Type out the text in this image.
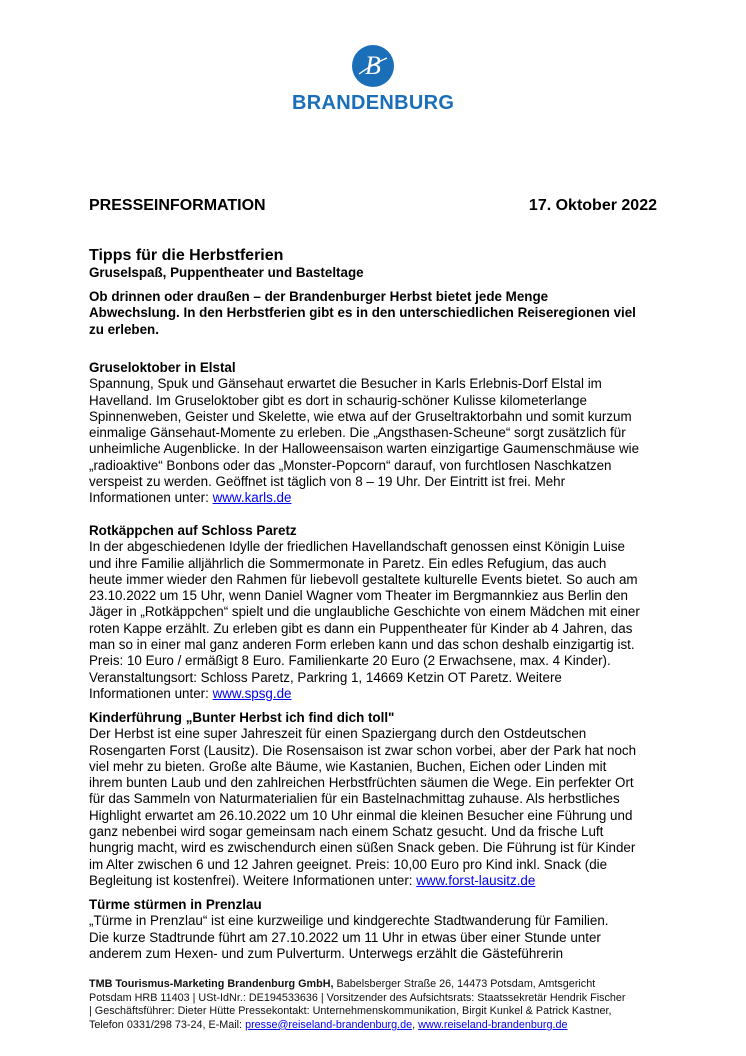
B
BRANDENBURG
PRESSEINFORMATION	17. Oktober 2022
Tipps für die Herbstferien
Gruselspaß, Puppentheater und Basteltage
Ob drinnen oder draußen – der Brandenburger Herbst bietet jede Menge
Abwechslung. In den Herbstferien gibt es in den unterschiedlichen Reiseregionen viel
zu erleben.
Gruseloktober in Elstal
Spannung, Spuk und Gänsehaut erwartet die Besucher in Karls Erlebnis-Dorf Elstal im
Havelland. Im Gruseloktober gibt es dort in schaurig-schöner Kulisse kilometerlange
Spinnenweben, Geister und Skelette, wie etwa auf der Gruseltraktorbahn und somit kurzum
einmalige Gänsehaut-Momente zu erleben. Die „Angsthasen-Scheune“ sorgt zusätzlich für
unheimliche Augenblicke. In der Halloweensaison warten einzigartige Gaumenschmäuse wie
„radioaktive“ Bonbons oder das „Monster-Popcorn“ darauf, von furchtlosen Naschkatzen
verspeist zu werden. Geöffnet ist täglich von 8 – 19 Uhr. Der Eintritt ist frei. Mehr
Informationen unter: www.karls.de
Rotkäppchen auf Schloss Paretz
In der abgeschiedenen Idylle der friedlichen Havellandschaft genossen einst Königin Luise
und ihre Familie alljährlich die Sommermonate in Paretz. Ein edles Refugium, das auch
heute immer wieder den Rahmen für liebevoll gestaltete kulturelle Events bietet. So auch am
23.10.2022 um 15 Uhr, wenn Daniel Wagner vom Theater im Bergmannkiez aus Berlin den
Jäger in „Rotkäppchen“ spielt und die unglaubliche Geschichte von einem Mädchen mit einer
roten Kappe erzählt. Zu erleben gibt es dann ein Puppentheater für Kinder ab 4 Jahren, das
man so in einer mal ganz anderen Form erleben kann und das schon deshalb einzigartig ist.
Preis: 10 Euro / ermäßigt 8 Euro. Familienkarte 20 Euro (2 Erwachsene, max. 4 Kinder).
Veranstaltungsort: Schloss Paretz, Parkring 1, 14669 Ketzin OT Paretz. Weitere
Informationen unter: www.spsg.de
Kinderführung „Bunter Herbst ich find dich toll"
Der Herbst ist eine super Jahreszeit für einen Spaziergang durch den Ostdeutschen
Rosengarten Forst (Lausitz). Die Rosensaison ist zwar schon vorbei, aber der Park hat noch
viel mehr zu bieten. Große alte Bäume, wie Kastanien, Buchen, Eichen oder Linden mit
ihrem bunten Laub und den zahlreichen Herbstfrüchten säumen die Wege. Ein perfekter Ort
für das Sammeln von Naturmaterialien für ein Bastelnachmittag zuhause. Als herbstliches
Highlight erwartet am 26.10.2022 um 10 Uhr einmal die kleinen Besucher eine Führung und
ganz nebenbei wird sogar gemeinsam nach einem Schatz gesucht. Und da frische Luft
hungrig macht, wird es zwischendurch einen süßen Snack geben. Die Führung ist für Kinder
im Alter zwischen 6 und 12 Jahren geeignet. Preis: 10,00 Euro pro Kind inkl. Snack (die
Begleitung ist kostenfrei). Weitere Informationen unter: www.forst-lausitz.de
Türme stürmen in Prenzlau
„Türme in Prenzlau“ ist eine kurzweilige und kindgerechte Stadtwanderung für Familien.
Die kurze Stadtrunde führt am 27.10.2022 um 11 Uhr in etwas über einer Stunde unter
anderem zum Hexen- und zum Pulverturm. Unterwegs erzählt die Gästeführerin
TMB Tourismus-Marketing Brandenburg GmbH, Babelsberger Straße 26, 14473 Potsdam, Amtsgericht
Potsdam HRB 11403 | USt-IdNr.: DE194533636 | Vorsitzender des Aufsichtsrats: Staatssekretär Hendrik Fischer
| Geschäftsführer: Dieter Hütte Pressekontakt: Unternehmenskommunikation, Birgit Kunkel & Patrick Kastner,
Telefon 0331/298 73-24, E-Mail: presse@reiseland-brandenburg.de, www.reiseland-brandenburg.de
